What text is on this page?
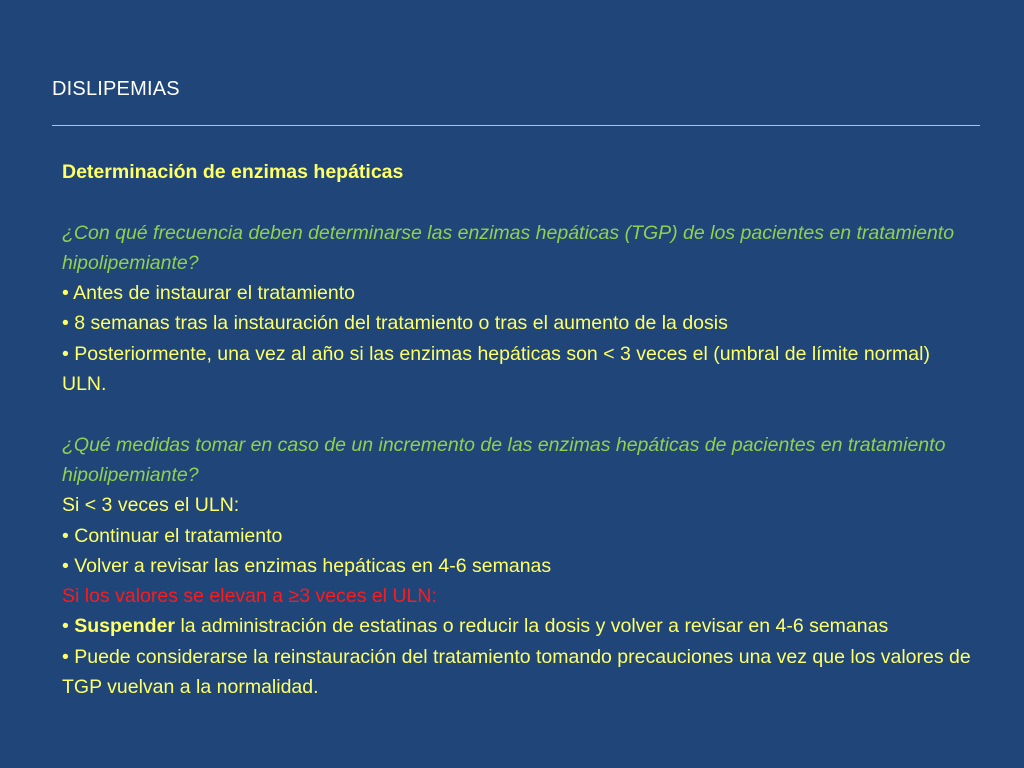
DISLIPEMIAS

Determinación de enzimas hepáticas

¿Con qué frecuencia deben determinarse las enzimas hepáticas (TGP) de los pacientes en tratamiento hipolipemiante?

• Antes de instaurar el tratamiento

• 8 semanas tras la instauración del tratamiento o tras el aumento de la dosis

• Posteriormente, una vez al año si las enzimas hepáticas son < 3 veces el (umbral de límite normal) ULN.

¿Qué medidas tomar en caso de un incremento de las enzimas hepáticas de pacientes en tratamiento hipolipemiante?

Si < 3 veces el ULN:

• Continuar el tratamiento

• Volver a revisar las enzimas hepáticas en 4-6 semanas

Si los valores se elevan a ≥3 veces el ULN:

• Suspender la administración de estatinas o reducir la dosis y volver a revisar en 4-6 semanas

• Puede considerarse la reinstauración del tratamiento tomando precauciones una vez que los valores de TGP vuelvan a la normalidad.
